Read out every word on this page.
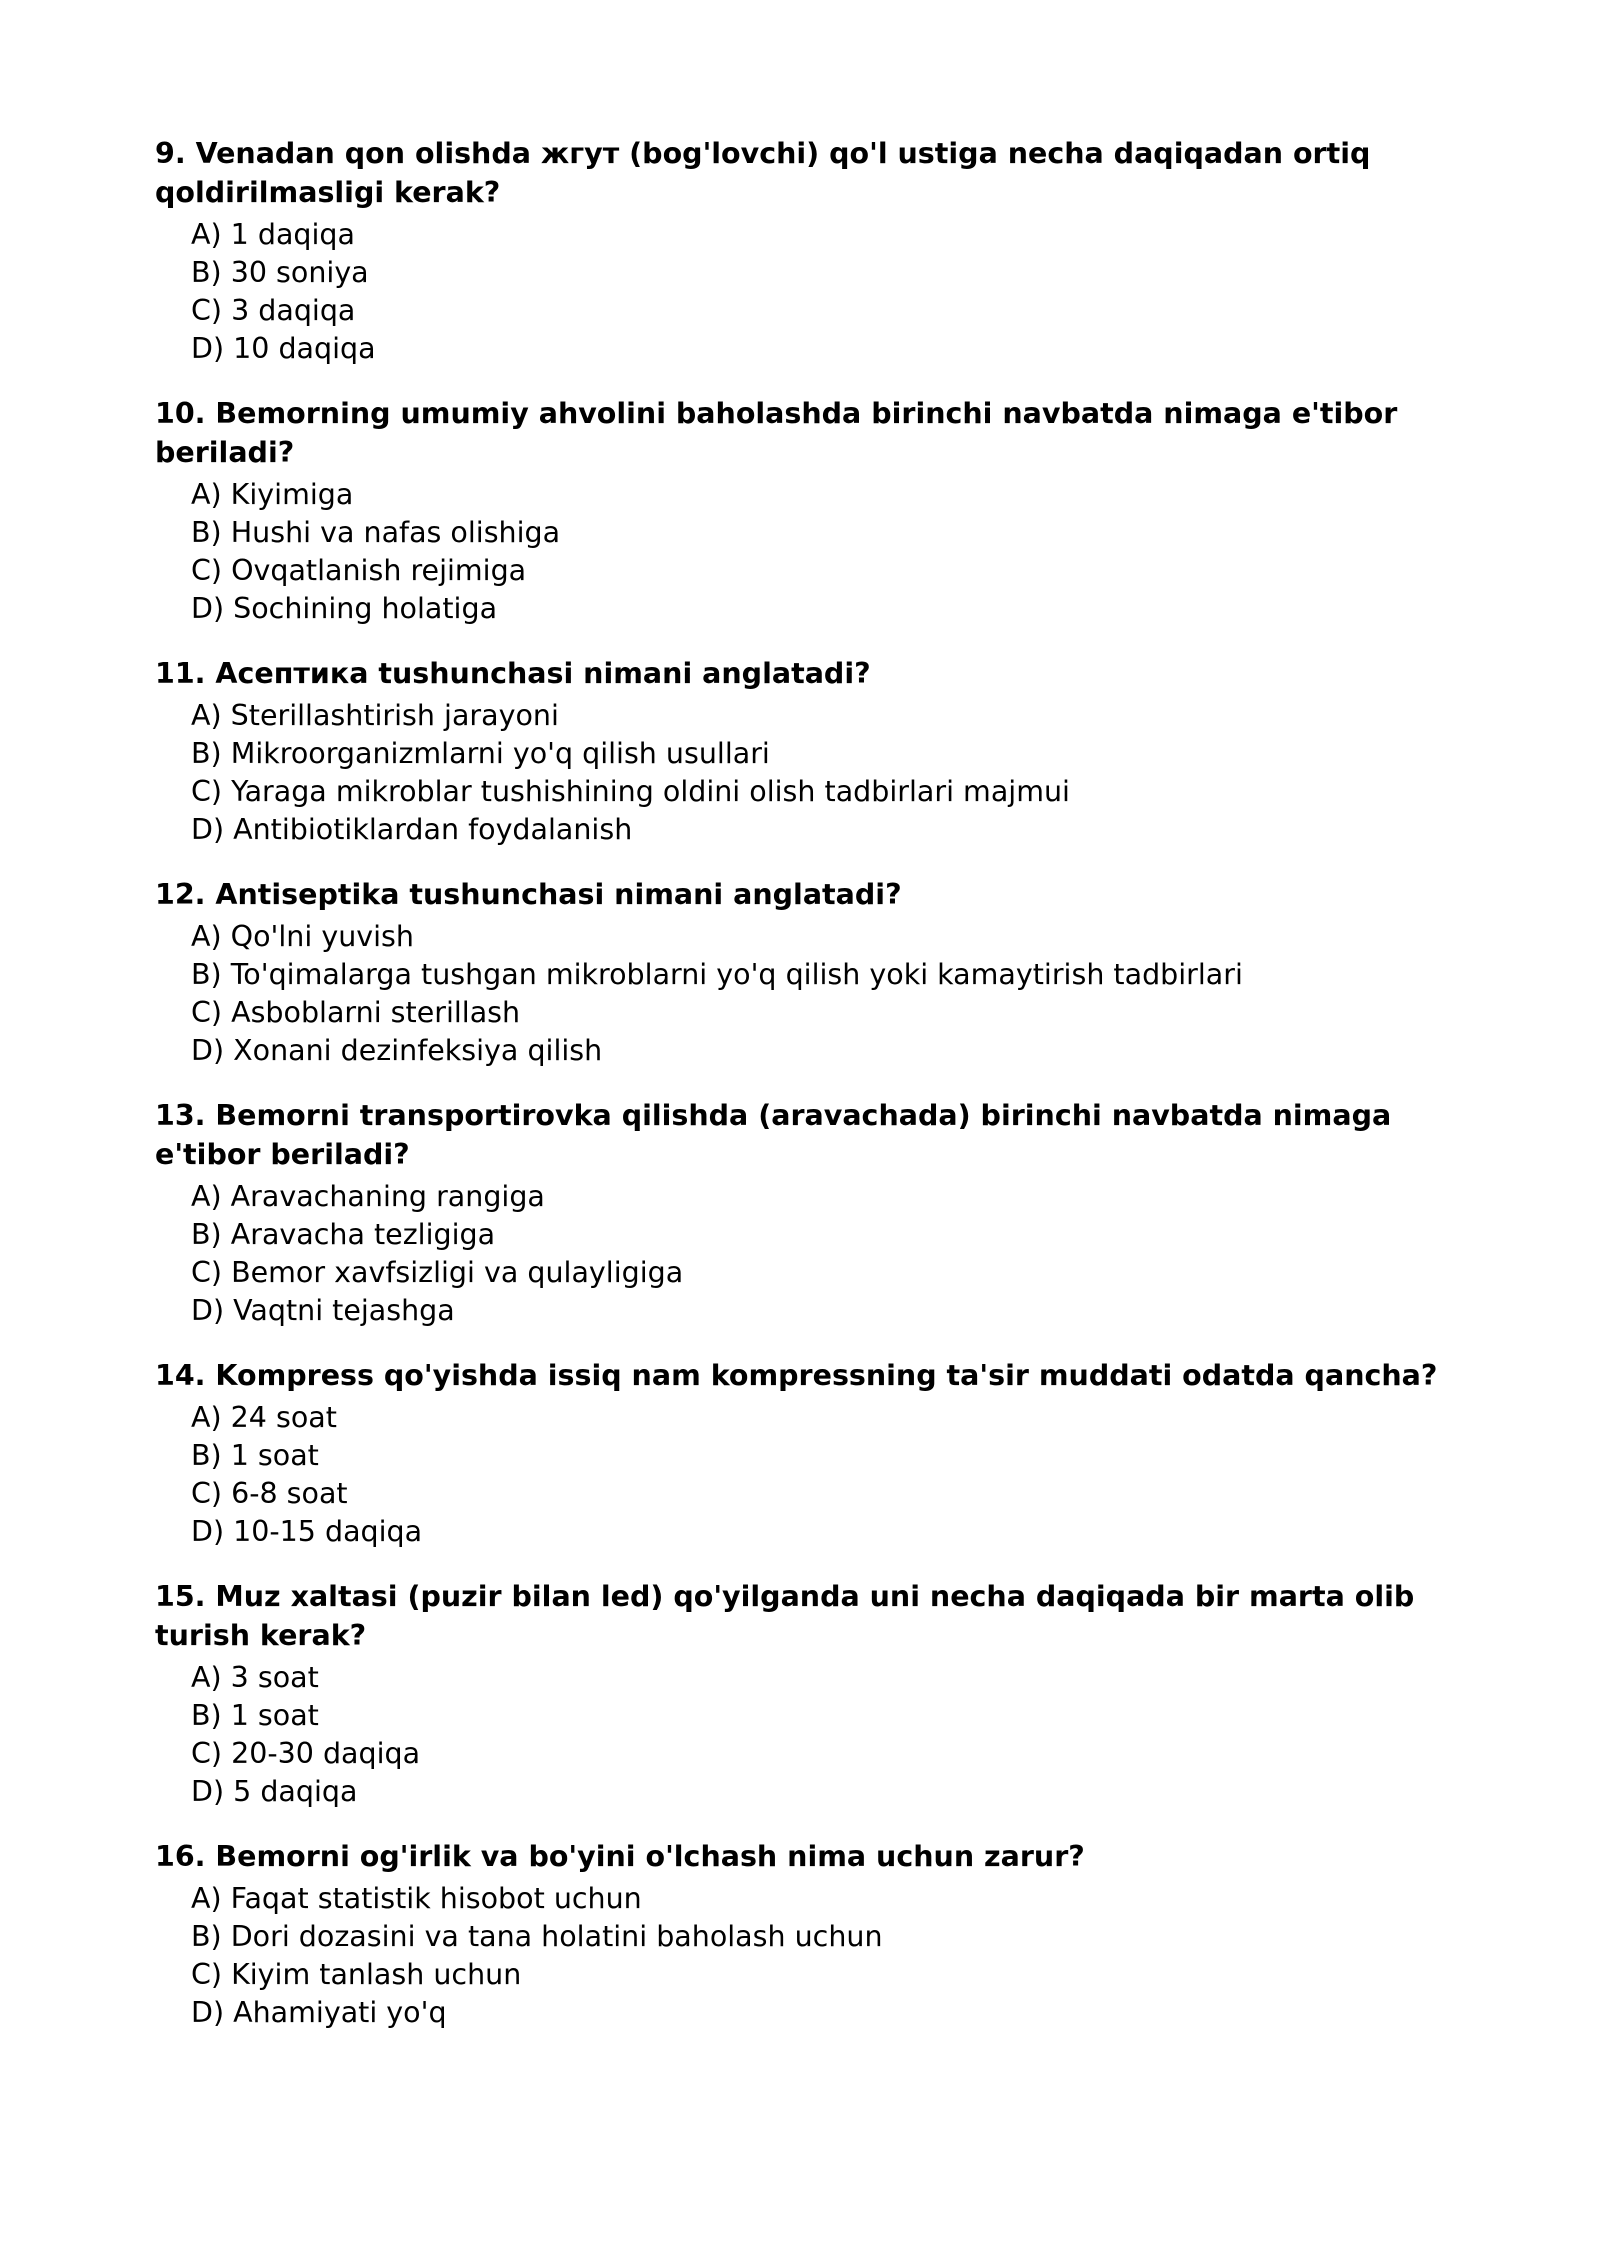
9. Venadan qon olishda жгут (bog'lovchi) qo'l ustiga necha daqiqadan ortiq qoldirilmasligi kerak?
A) 1 daqiqa
B) 30 soniya
C) 3 daqiqa
D) 10 daqiqa
10. Bemorning umumiy ahvolini baholashda birinchi navbatda nimaga e'tibor beriladi?
A) Kiyimiga
B) Hushi va nafas olishiga
C) Ovqatlanish rejimiga
D) Sochining holatiga
11. Асептика tushunchasi nimani anglatadi?
A) Sterillashtirish jarayoni
B) Mikroorganizmlarni yo'q qilish usullari
C) Yaraga mikroblar tushishining oldini olish tadbirlari majmui
D) Antibiotiklardan foydalanish
12. Antiseptika tushunchasi nimani anglatadi?
A) Qo'lni yuvish
B) To'qimalarga tushgan mikroblarni yo'q qilish yoki kamaytirish tadbirlari
C) Asboblarni sterillash
D) Xonani dezinfeksiya qilish
13. Bemorni transportirovka qilishda (aravachada) birinchi navbatda nimaga e'tibor beriladi?
A) Aravachaning rangiga
B) Aravacha tezligiga
C) Bemor xavfsizligi va qulayligiga
D) Vaqtni tejashga
14. Kompress qo'yishda issiq nam kompressning ta'sir muddati odatda qancha?
A) 24 soat
B) 1 soat
C) 6-8 soat
D) 10-15 daqiqa
15. Muz xaltasi (puzir bilan led) qo'yilganda uni necha daqiqada bir marta olib turish kerak?
A) 3 soat
B) 1 soat
C) 20-30 daqiqa
D) 5 daqiqa
16. Bemorni og'irlik va bo'yini o'lchash nima uchun zarur?
A) Faqat statistik hisobot uchun
B) Dori dozasini va tana holatini baholash uchun
C) Kiyim tanlash uchun
D) Ahamiyati yo'q
